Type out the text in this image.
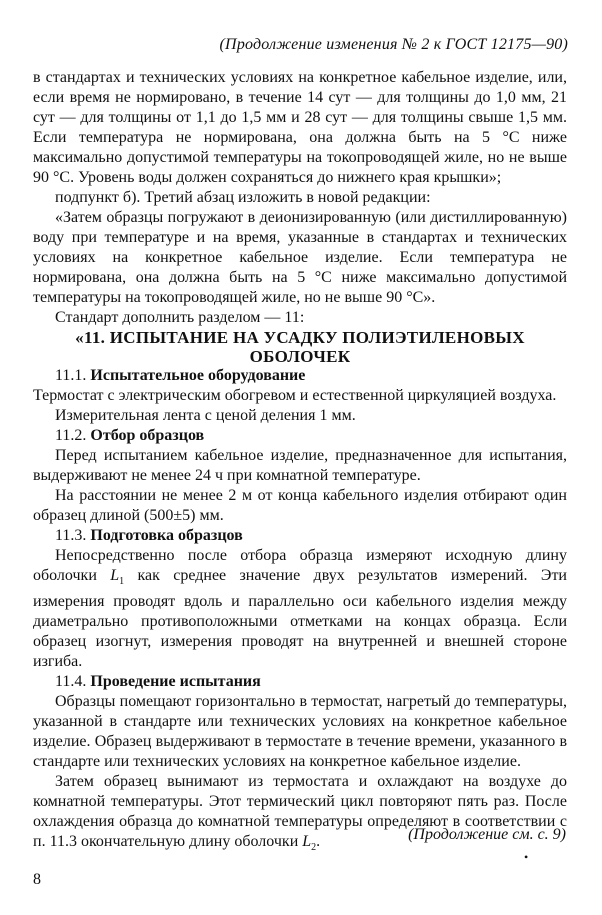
(Продолжение изменения № 2 к ГОСТ 12175—90)

в стандартах и технических условиях на конкретное кабельное изделие, или, если время не нормировано, в течение 14 сут — для толщины до 1,0 мм, 21 сут — для толщины от 1,1 до 1,5 мм и 28 сут — для толщины свыше 1,5 мм. Если температура не нормирована, она должна быть на 5 °С ниже максимально допустимой температуры на токопроводящей жиле, но не выше 90 °С. Уровень воды должен сохраняться до нижнего края крышки»;

подпункт б). Третий абзац изложить в новой редакции:

«Затем образцы погружают в деионизированную (или дистиллированную) воду при температуре и на время, указанные в стандартах и технических условиях на конкретное кабельное изделие. Если температура не нормирована, она должна быть на 5 °С ниже максимально допустимой температуры на токопроводящей жиле, но не выше 90 °С».

Стандарт дополнить разделом — 11:

«11. ИСПЫТАНИЕ НА УСАДКУ ПОЛИЭТИЛЕНОВЫХ ОБОЛОЧЕК

11.1. Испытательное оборудование

Термостат с электрическим обогревом и естественной циркуляцией воздуха.

Измерительная лента с ценой деления 1 мм.

11.2. Отбор образцов

Перед испытанием кабельное изделие, предназначенное для испытания, выдерживают не менее 24 ч при комнатной температуре.

На расстоянии не менее 2 м от конца кабельного изделия отбирают один образец длиной (500±5) мм.

11.3. Подготовка образцов

Непосредственно после отбора образца измеряют исходную длину оболочки $L_1$ как среднее значение двух результатов измерений. Эти измерения проводят вдоль и параллельно оси кабельного изделия между диаметрально противоположными отметками на концах образца. Если образец изогнут, измерения проводят на внутренней и внешней стороне изгиба.

11.4. Проведение испытания

Образцы помещают горизонтально в термостат, нагретый до температуры, указанной в стандарте или технических условиях на конкретное кабельное изделие. Образец выдерживают в термостате в течение времени, указанного в стандарте или технических условиях на конкретное кабельное изделие.

Затем образец вынимают из термостата и охлаждают на воздухе до комнатной температуры. Этот термический цикл повторяют пять раз. После охлаждения образца до комнатной температуры определяют в соответствии с п. 11.3 окончательную длину оболочки $L_2$.	(Продолжение см. с. 9)
•
8
